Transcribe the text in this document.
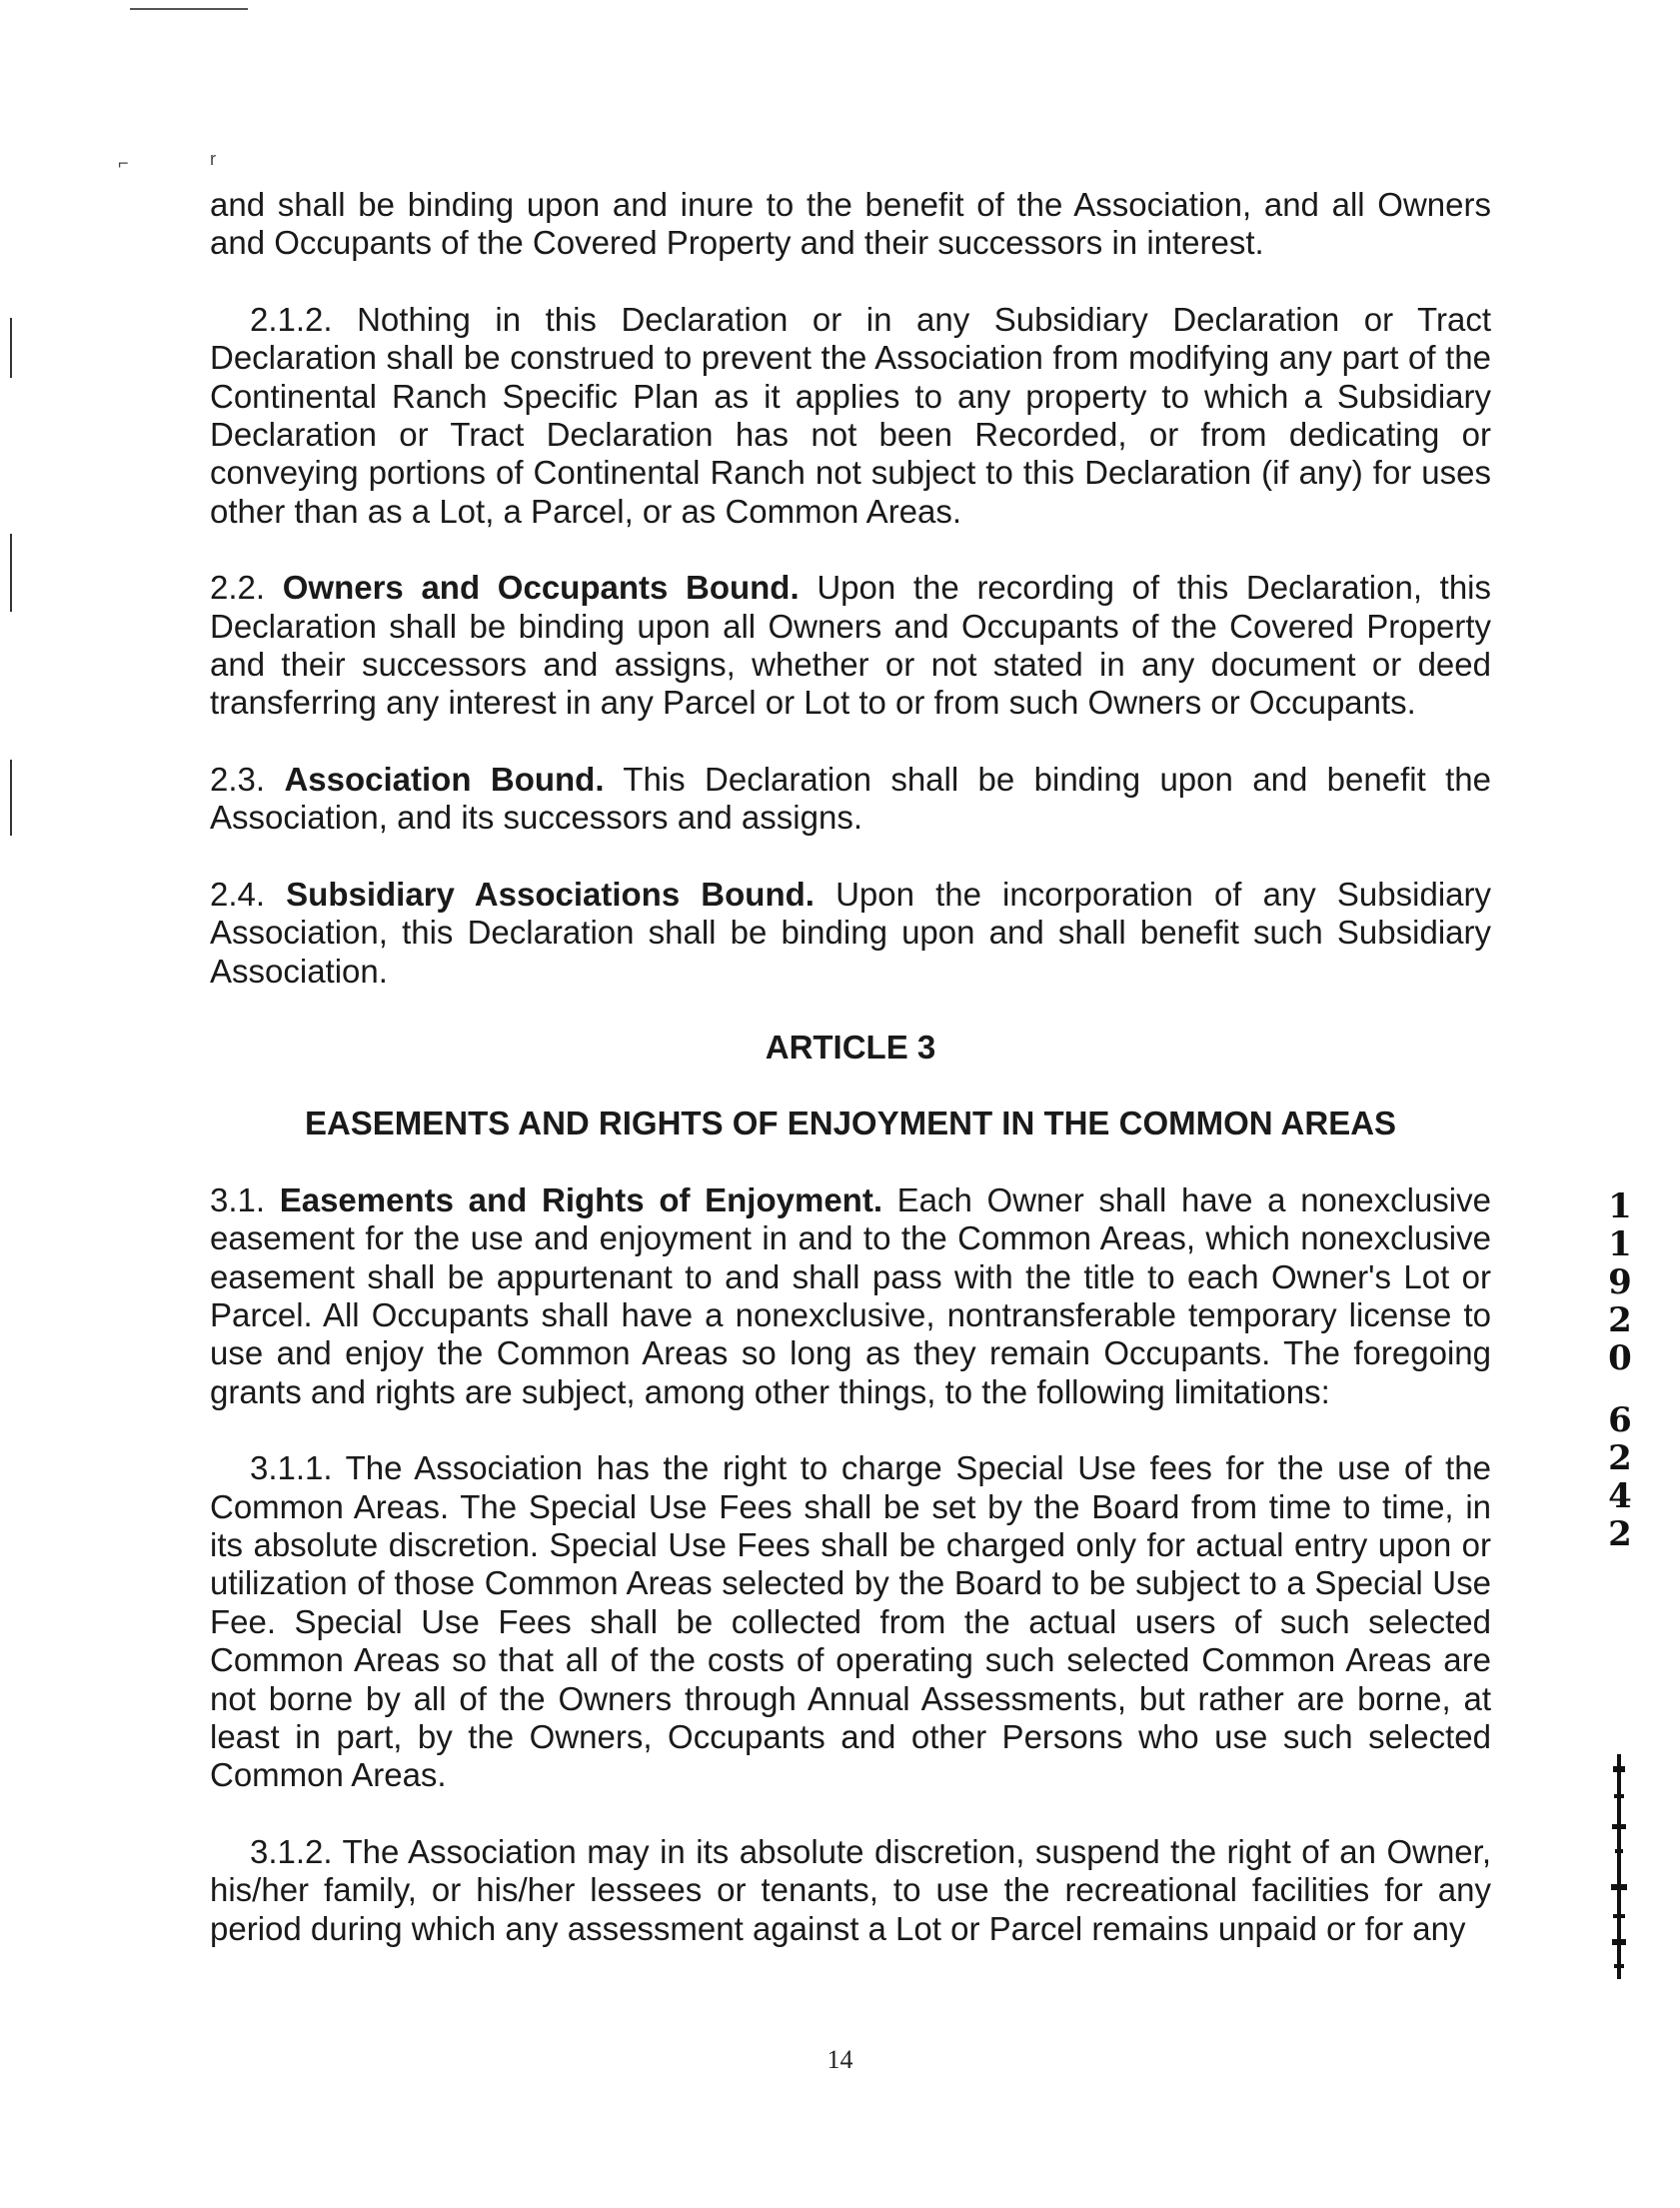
⌐	r

and shall be binding upon and inure to the benefit of the Association, and all Owners and Occupants of the Covered Property and their successors in interest.

2.1.2. Nothing in this Declaration or in any Subsidiary Declaration or Tract Declaration shall be construed to prevent the Association from modifying any part of the Continental Ranch Specific Plan as it applies to any property to which a Subsidiary Declaration or Tract Declaration has not been Recorded, or from dedicating or conveying portions of Continental Ranch not subject to this Declaration (if any) for uses other than as a Lot, a Parcel, or as Common Areas.

2.2. Owners and Occupants Bound. Upon the recording of this Declaration, this Declaration shall be binding upon all Owners and Occupants of the Covered Property and their successors and assigns, whether or not stated in any document or deed transferring any interest in any Parcel or Lot to or from such Owners or Occupants.

2.3. Association Bound. This Declaration shall be binding upon and benefit the Association, and its successors and assigns.

2.4. Subsidiary Associations Bound. Upon the incorporation of any Subsidiary Association, this Declaration shall be binding upon and shall benefit such Subsidiary Association.

ARTICLE 3

EASEMENTS AND RIGHTS OF ENJOYMENT IN THE COMMON AREAS

3.1. Easements and Rights of Enjoyment. Each Owner shall have a nonexclusive easement for the use and enjoyment in and to the Common Areas, which nonexclusive easement shall be appurtenant to and shall pass with the title to each Owner's Lot or Parcel. All Occupants shall have a nonexclusive, nontransferable temporary license to use and enjoy the Common Areas so long as they remain Occupants. The foregoing grants and rights are subject, among other things, to the following limitations:

3.1.1. The Association has the right to charge Special Use fees for the use of the Common Areas. The Special Use Fees shall be set by the Board from time to time, in its absolute discretion. Special Use Fees shall be charged only for actual entry upon or utilization of those Common Areas selected by the Board to be subject to a Special Use Fee. Special Use Fees shall be collected from the actual users of such selected Common Areas so that all of the costs of operating such selected Common Areas are not borne by all of the Owners through Annual Assessments, but rather are borne, at least in part, by the Owners, Occupants and other Persons who use such selected Common Areas.

3.1.2. The Association may in its absolute discretion, suspend the right of an Owner, his/her family, or his/her lessees or tenants, to use the recreational facilities for any period during which any assessment against a Lot or Parcel remains unpaid or for any

1
1
9
2
0
6
2
4
2
14
